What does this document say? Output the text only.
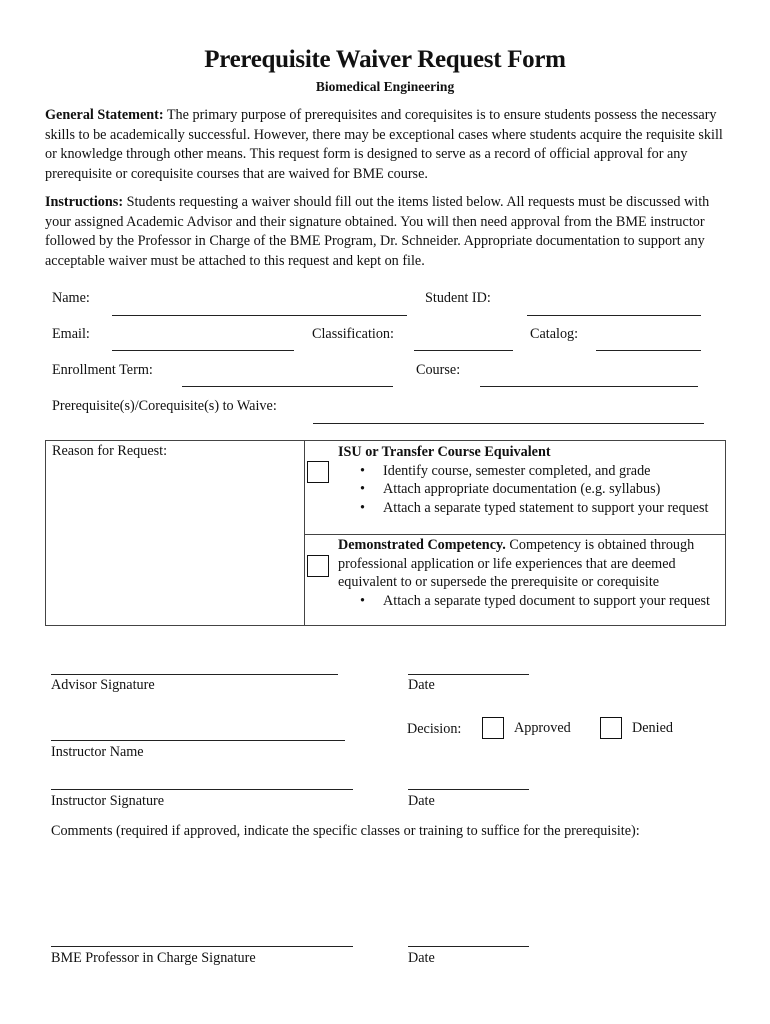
Prerequisite Waiver Request Form
Biomedical Engineering
General Statement: The primary purpose of prerequisites and corequisites is to ensure students possess the necessary skills to be academically successful. However, there may be exceptional cases where students acquire the requisite skill or knowledge through other means. This request form is designed to serve as a record of official approval for any prerequisite or corequisite courses that are waived for BME course.
Instructions: Students requesting a waiver should fill out the items listed below. All requests must be discussed with your assigned Academic Advisor and their signature obtained. You will then need approval from the BME instructor followed by the Professor in Charge of the BME Program, Dr. Schneider. Appropriate documentation to support any acceptable waiver must be attached to this request and kept on file.
Name:	Student ID:
Email:	Classification:	Catalog:
Enrollment Term:	Course:
Prerequisite(s)/Corequisite(s) to Waive:
Reason for Request:	ISU or Transfer Course Equivalent
• Identify course, semester completed, and grade
• Attach appropriate documentation (e.g. syllabus)
• Attach a separate typed statement to support your request
Demonstrated Competency. Competency is obtained through professional application or life experiences that are deemed equivalent to or supersede the prerequisite or corequisite
• Attach a separate typed document to support your request
Advisor Signature	Date
Decision:	Approved	Denied
Instructor Name
Instructor Signature	Date
Comments (required if approved, indicate the specific classes or training to suffice for the prerequisite):
BME Professor in Charge Signature	Date
